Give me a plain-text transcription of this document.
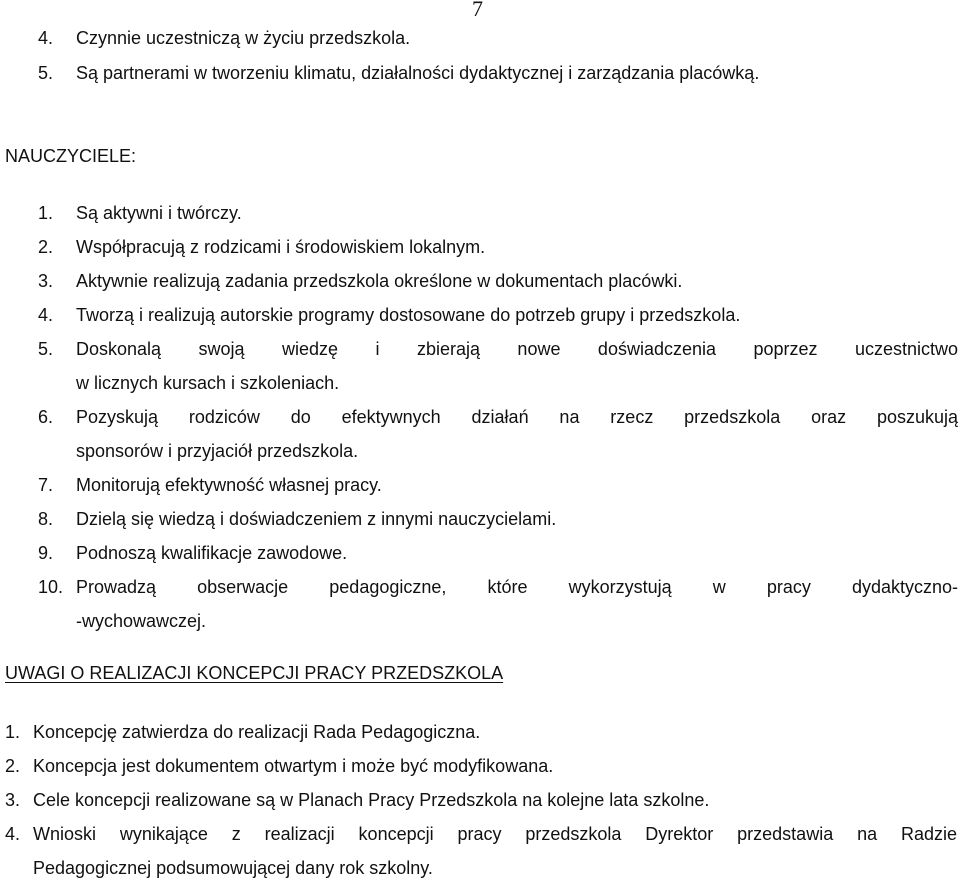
7
4. Czynnie uczestniczą w życiu przedszkola.
5. Są partnerami w tworzeniu klimatu, działalności dydaktycznej i zarządzania placówką.
NAUCZYCIELE:
1.	Są aktywni i twórczy.
2.	Współpracują z rodzicami i środowiskiem lokalnym.
3.	Aktywnie realizują zadania przedszkola określone w dokumentach placówki.
4.	Tworzą i realizują autorskie programy dostosowane do potrzeb grupy i przedszkola.
5.	Doskonalą swoją wiedzę i zbierają nowe doświadczenia poprzez uczestnictwo
w licznych kursach i szkoleniach.
6.	Pozyskują rodziców do efektywnych działań na rzecz przedszkola oraz poszukują
sponsorów i przyjaciół przedszkola.
7.	Monitorują efektywność własnej pracy.
8.	Dzielą się wiedzą i doświadczeniem z innymi nauczycielami.
9.	Podnoszą kwalifikacje zawodowe.
10. Prowadzą obserwacje pedagogiczne, które wykorzystują w pracy dydaktyczno-
-wychowawczej.
UWAGI O REALIZACJI KONCEPCJI PRACY PRZEDSZKOLA
1. Koncepcję zatwierdza do realizacji Rada Pedagogiczna.
2. Koncepcja jest dokumentem otwartym i może być modyfikowana.
3. Cele koncepcji realizowane są w Planach Pracy Przedszkola na kolejne lata szkolne.
4. Wnioski wynikające z realizacji koncepcji pracy przedszkola Dyrektor przedstawia na Radzie
Pedagogicznej podsumowującej dany rok szkolny.
